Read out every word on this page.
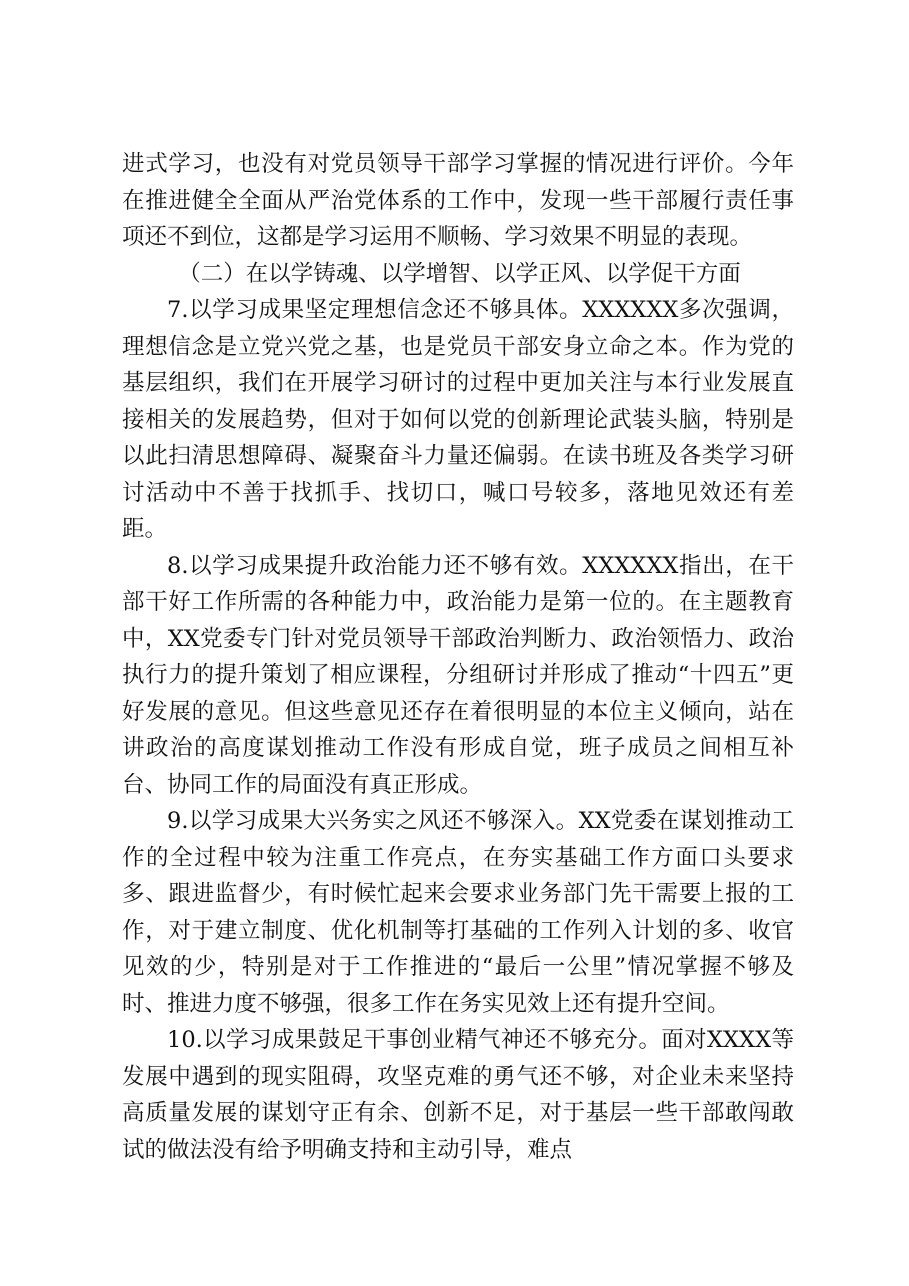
进式学习，也没有对党员领导干部学习掌握的情况进行评价。今年在推进健全全面从严治党体系的工作中，发现一些干部履行责任事项还不到位，这都是学习运用不顺畅、学习效果不明显的表现。

（二）在以学铸魂、以学增智、以学正风、以学促干方面

7.以学习成果坚定理想信念还不够具体。XXXXXX多次强调，理想信念是立党兴党之基，也是党员干部安身立命之本。作为党的基层组织，我们在开展学习研讨的过程中更加关注与本行业发展直接相关的发展趋势，但对于如何以党的创新理论武装头脑，特别是以此扫清思想障碍、凝聚奋斗力量还偏弱。在读书班及各类学习研讨活动中不善于找抓手、找切口，喊口号较多，落地见效还有差距。

8.以学习成果提升政治能力还不够有效。XXXXXX指出，在干部干好工作所需的各种能力中，政治能力是第一位的。在主题教育中，XX党委专门针对党员领导干部政治判断力、政治领悟力、政治执行力的提升策划了相应课程，分组研讨并形成了推动“十四五”更好发展的意见。但这些意见还存在着很明显的本位主义倾向，站在讲政治的高度谋划推动工作没有形成自觉，班子成员之间相互补台、协同工作的局面没有真正形成。

9.以学习成果大兴务实之风还不够深入。XX党委在谋划推动工作的全过程中较为注重工作亮点，在夯实基础工作方面口头要求多、跟进监督少，有时候忙起来会要求业务部门先干需要上报的工作，对于建立制度、优化机制等打基础的工作列入计划的多、收官见效的少，特别是对于工作推进的“最后一公里”情况掌握不够及时、推进力度不够强，很多工作在务实见效上还有提升空间。

10.以学习成果鼓足干事创业精气神还不够充分。面对XXXX等发展中遇到的现实阻碍，攻坚克难的勇气还不够，对企业未来坚持高质量发展的谋划守正有余、创新不足，对于基层一些干部敢闯敢试的做法没有给予明确支持和主动引导，难点
